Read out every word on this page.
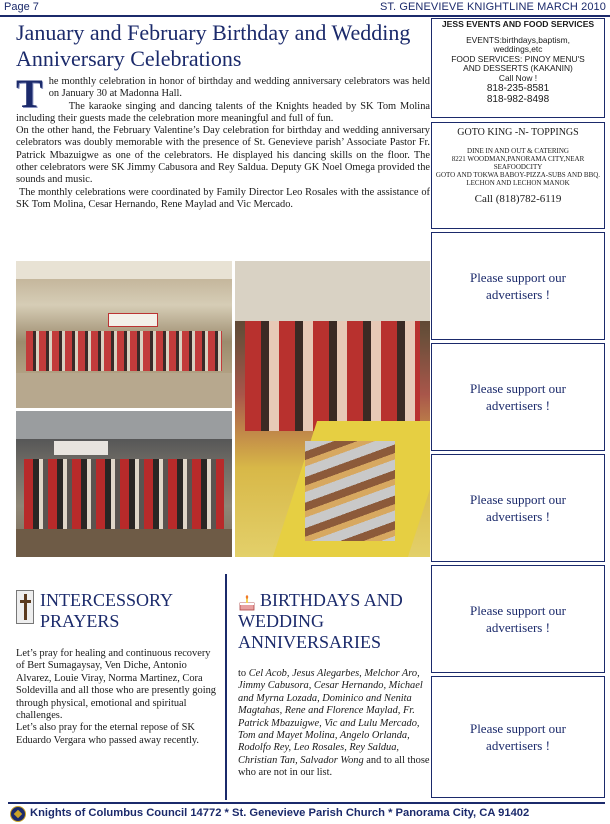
Page 7	ST. GENEVIEVE KNIGHTLINE MARCH 2010
January and February Birthday and Wedding Anniversary Celebrations
T he monthly celebration in honor of birthday and wedding anniversary celebrators was held on January 30 at Madonna Hall.

The karaoke singing and dancing talents of the Knights headed by SK Tom Molina including their guests made the celebration more meaningful and full of fun.

On the other hand, the February Valentine’s Day celebration for birthday and wedding anniversary celebrators was doubly memorable with the presence of St. Genevieve parish’ Associate Pastor Fr. Patrick Mbazuigwe as one of the celebrators. He displayed his dancing skills on the floor. The other celebrators were SK Jimmy Cabusora and Rey Saldua. Deputy GK Noel Omega provided the sounds and music.

The monthly celebrations were coordinated by Family Director Leo Rosales with the assistance of SK Tom Molina, Cesar Hernando, Rene Maylad and Vic Mercado.

INTERCESSORY PRAYERS

Let’s pray for healing and continuous recovery of Bert Sumagaysay, Ven Diche, Antonio Alvarez, Louie Viray, Norma Martinez, Cora Soldevilla and all those who are presently going through physical, emotional and spiritual challenges.

Let’s also pray for the eternal repose of SK Eduardo Vergara who passed away recently.

BIRTHDAYS AND WEDDING ANNIVERSARIES
to Cel Acob, Jesus Alegarbes, Melchor Aro, Jimmy Cabusora, Cesar Hernando, Michael and Myrna Lozada, Dominico and Nenita Magtahas, Rene and Florence Maylad, Fr. Patrick Mbazuigwe, Vic and Lulu Mercado, Tom and Mayet Molina, Angelo Orlanda, Rodolfo Rey, Leo Rosales, Rey Saldua, Christian Tan, Salvador Wong and to all those who are not in our list.
JESS EVENTS AND FOOD SERVICES
EVENTS:birthdays,baptism,
weddings,etc
FOOD SERVICES: PINOY MENU'S
AND DESSERTS (KAKANIN)
Call Now !
818-235-8581
818-982-8498
GOTO KING -N- TOPPINGS
DINE IN AND OUT & CATERING
8221 WOODMAN,PANORAMA CITY,NEAR SEAFOODCITY
GOTO AND TOKWA BABOY-PIZZA-SUBS AND BBQ.
LECHON AND LECHON MANOK
Call (818)782-6119
Please support our advertisers !
Please support our advertisers !
Please support our advertisers !
Please support our advertisers !
Please support our advertisers !
Knights of Columbus Council 14772 * St. Genevieve Parish Church * Panorama City, CA 91402
